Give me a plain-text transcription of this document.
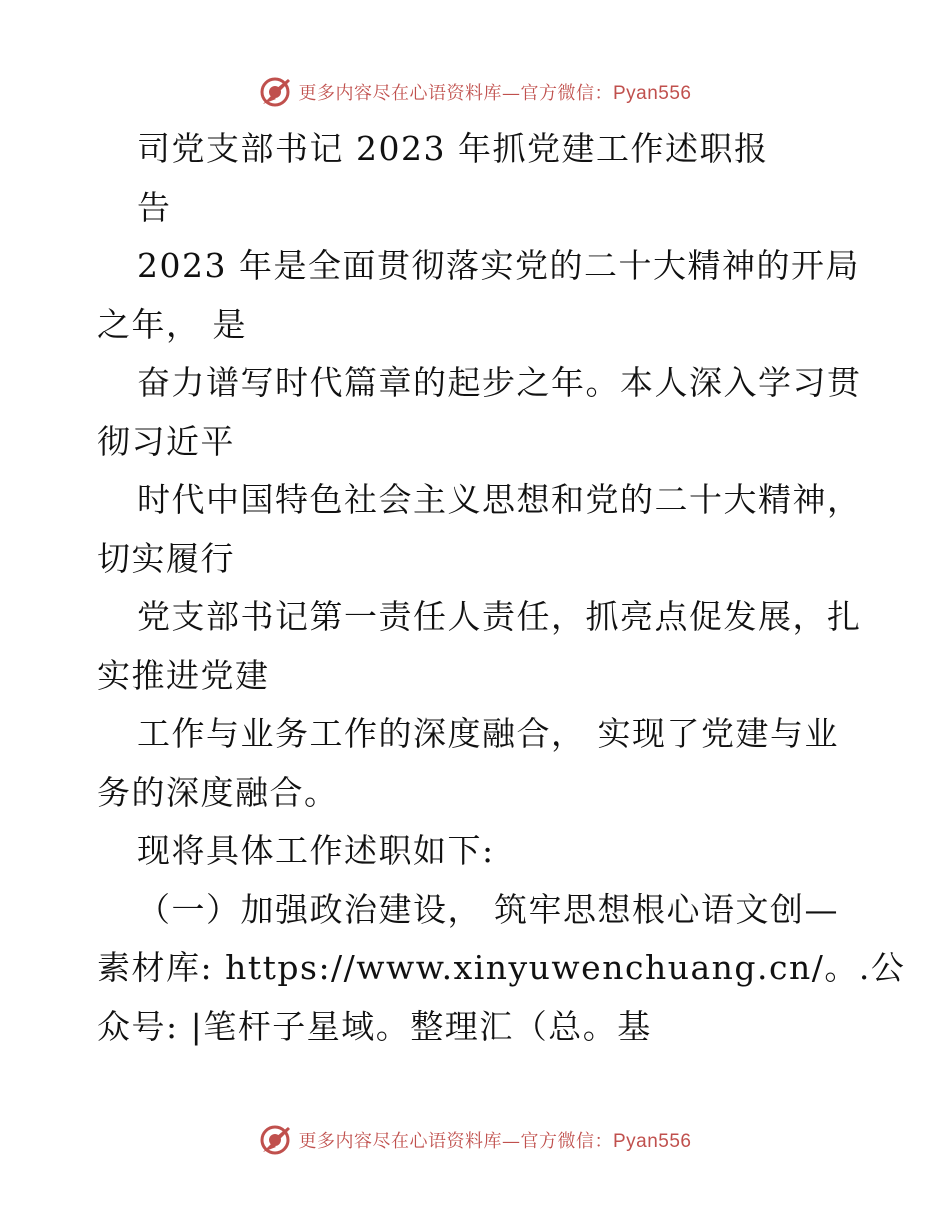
更多内容尽在心语资料库—官方微信：Pyan556
司党支部书记 2023 年抓党建工作述职报
告
2023 年是全面贯彻落实党的二十大精神的开局
之年， 是
奋力谱写时代篇章的起步之年。本人深入学习贯
彻习近平
时代中国特色社会主义思想和党的二十大精神，
切实履行
党支部书记第一责任人责任，抓亮点促发展，扎
实推进党建
工作与业务工作的深度融合， 实现了党建与业
务的深度融合。
现将具体工作述职如下:
（一）加强政治建设， 筑牢思想根心语文创—
素材库: https://www.xinyuwenchuang.cn/。.公
众号: |笔杆子星域。整理汇（总。基
更多内容尽在心语资料库—官方微信：Pyan556
